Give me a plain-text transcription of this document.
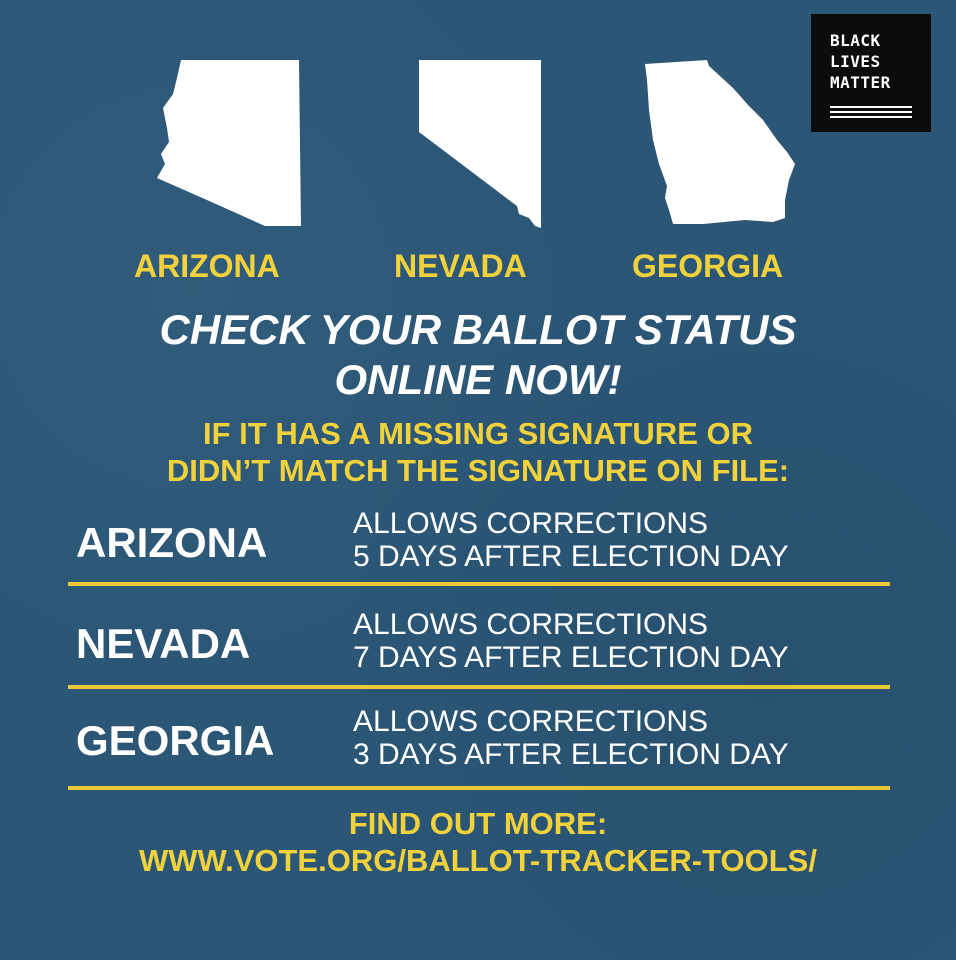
BLACK
LIVES
MATTER
ARIZONA	NEVADA	GEORGIA
CHECK YOUR BALLOT STATUS
ONLINE NOW!
IF IT HAS A MISSING SIGNATURE OR
DIDN’T MATCH THE SIGNATURE ON FILE:
ARIZONA	ALLOWS CORRECTIONS
5 DAYS AFTER ELECTION DAY
NEVADA	ALLOWS CORRECTIONS
7 DAYS AFTER ELECTION DAY
GEORGIA	ALLOWS CORRECTIONS
3 DAYS AFTER ELECTION DAY
FIND OUT MORE:
WWW.VOTE.ORG/BALLOT-TRACKER-TOOLS/
